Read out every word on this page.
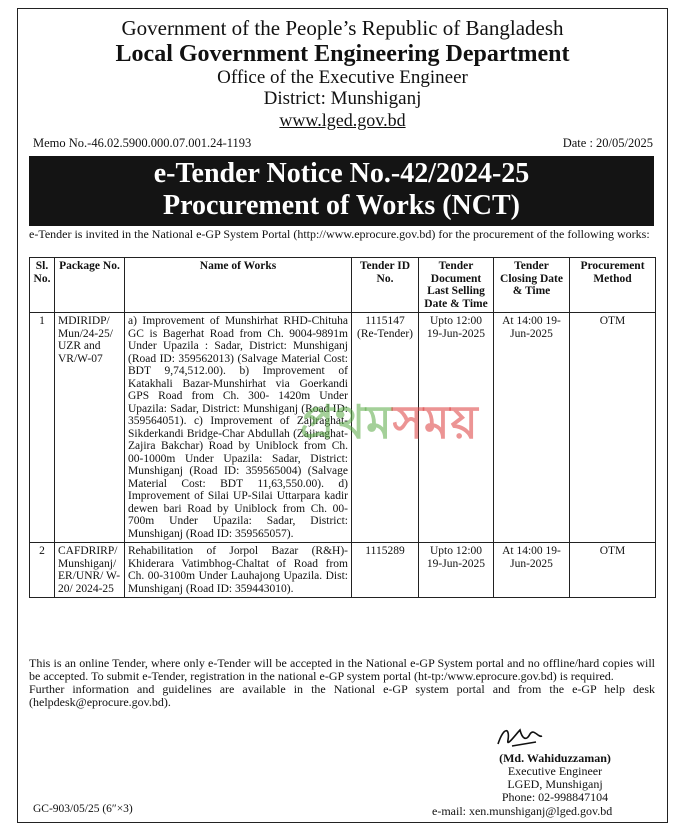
Government of the People’s Republic of Bangladesh
Local Government Engineering Department
Office of the Executive Engineer
District: Munshiganj
www.lged.gov.bd
Memo No.-46.02.5900.000.07.001.24-1193	Date : 20/05/2025
e-Tender Notice No.-42/2024-25
Procurement of Works (NCT)
e-Tender is invited in the National e-GP System Portal (http://www.eprocure.gov.bd) for the procurement of the following works:
Sl. No.	Package No.	Name of Works	Tender ID No.	Tender Document Last Selling Date & Time	Tender Closing Date & Time	Procurement Method
1	MDIRIDP/ Mun/24-25/ UZR and VR/W-07	a) Improvement of Munshirhat RHD-Chituha GC is Bagerhat Road from Ch. 9004-9891m Under Upazila : Sadar, District: Munshiganj (Road ID: 359562013) (Salvage Material Cost: BDT 9,74,512.00). b) Improvement of Katakhali Bazar-Munshirhat via Goerkandi GPS Road from Ch. 300- 1420m Under Upazila: Sadar, District: Munshiganj (Road ID: 359564051). c) Improvement of Zajiraghat-Sikderkandi Bridge-Char Abdullah (Zajiraghat-Zajira Bakchar) Road by Uniblock from Ch. 00-1000m Under Upazila: Sadar, District: Munshiganj (Road ID: 359565004) (Salvage Material Cost: BDT 11,63,550.00). d) Improvement of Silai UP-Silai Uttarpara kadir dewen bari Road by Uniblock from Ch. 00-700m Under Upazila: Sadar, District: Munshiganj (Road ID: 359565057).	1115147 (Re-Tender)	Upto 12:00 19-Jun-2025	At 14:00 19-Jun-2025	OTM
2	CAFDRIRP/ Munshiganj/ ER/UNR/ W-20/ 2024-25	Rehabilitation of Jorpol Bazar (R&H)-Khiderara Vatimbhog-Chaltat of Road from Ch. 00-3100m Under Lauhajong Upazila. Dist: Munshiganj (Road ID: 359443010).	1115289	Upto 12:00 19-Jun-2025	At 14:00 19-Jun-2025	OTM
প্রথমসময়
This is an online Tender, where only e-Tender will be accepted in the National e-GP System portal and no offline/hard copies will be accepted. To submit e-Tender, registration in the national e-GP system portal (ht-tp:/www.eprocure.gov.bd) is required.
Further information and guidelines are available in the National e-GP system portal and from the e-GP help desk (helpdesk@eprocure.gov.bd).
(Md. Wahiduzzaman)
Executive Engineer
LGED, Munshiganj
Phone: 02-998847104
e-mail: xen.munshiganj@lged.gov.bd
GC-903/05/25 (6″×3)
